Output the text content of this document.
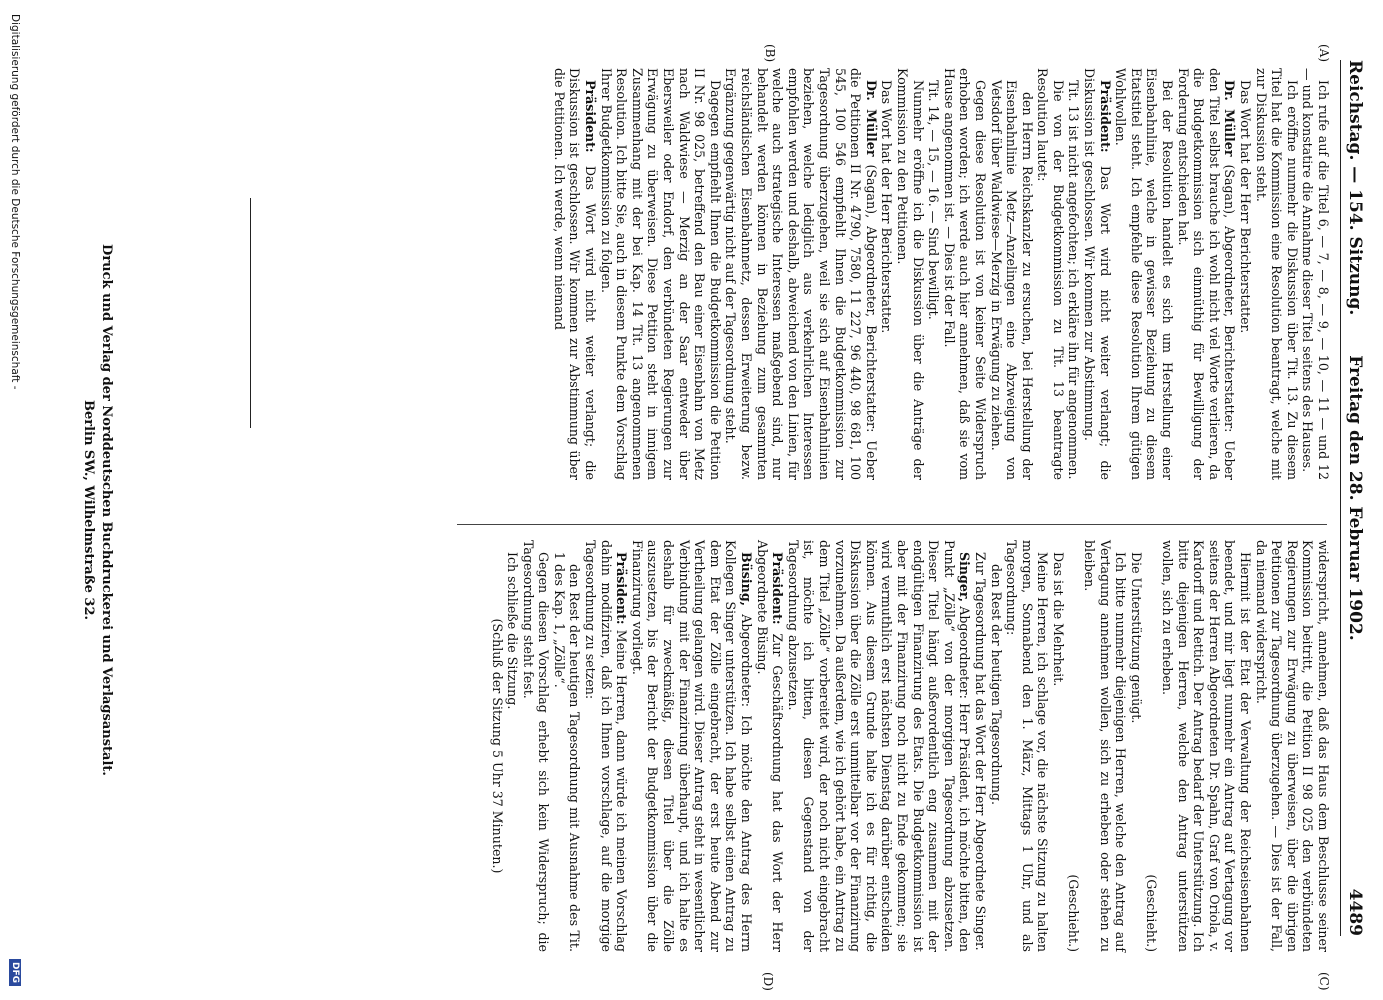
Reichstag. — 154. Sitzung.
Freitag den 28. Februar 1902.
4489
(A)
(B)
(C)
(D)

Ich rufe auf die Titel 6, — 7, — 8, — 9, — 10, — 11 — und 12 — und konstatire die Annahme dieser Titel seitens des Hauses.

Ich eröffne nunmehr die Diskussion über Tit. 13. Zu diesem Titel hat die Kommission eine Resolution beantragt, welche mit zur Diskussion steht.

Das Wort hat der Herr Berichterstatter.

Dr. Müller (Sagan), Abgeordneter, Berichterstatter: Ueber den Titel selbst brauche ich wohl nicht viel Worte verlieren, da die Budgetkommission sich einmüthig für Bewilligung der Forderung entschieden hat.

Bei der Resolution handelt es sich um Herstellung einer Eisenbahnlinie, welche in gewisser Beziehung zu diesem Etatstitel steht. Ich empfehle diese Resolution Ihrem gütigen Wohlwollen.

Präsident: Das Wort wird nicht weiter verlangt; die Diskussion ist geschlossen. Wir kommen zur Abstimmung.

Tit. 13 ist nicht angefochten; ich erkläre ihn für angenommen.

Die von der Budgetkommission zu Tit. 13 beantragte Resolution lautet:

den Herrn Reichskanzler zu ersuchen, bei Herstellung der Eisenbahnlinie Metz—Anzelingen eine Abzweigung von Vetsdorf über Waldwiese—Merzig in Erwägung zu ziehen.

Gegen diese Resolution ist von keiner Seite Widerspruch erhoben worden; ich werde auch hier annehmen, daß sie vom Hause angenommen ist. — Dies ist der Fall.

Tit. 14, — 15, — 16. — Sind bewilligt.

Nunmehr eröffne ich die Diskussion über die Anträge der Kommission zu den Petitionen.

Das Wort hat der Herr Berichterstatter.

Dr. Müller (Sagan), Abgeordneter, Berichterstatter: Ueber die Petitionen II Nr. 4790, 7580, 11 227, 96 440, 98 681, 100 545, 100 546 empfiehlt Ihnen die Budgetkommission zur Tagesordnung überzugehen, weil sie sich auf Eisenbahnlinien beziehen, welche lediglich aus verkehrlichen Interessen empfohlen werden und deshalb, abweichend von den Linien, für welche auch strategische Interessen maßgebend sind, nur behandelt werden können in Beziehung zum gesammten reichsländischen Eisenbahnnetz, dessen Erweiterung bezw. Ergänzung gegenwärtig nicht auf der Tagesordnung steht.

Dagegen empfiehlt Ihnen die Budgetkommission die Petition II Nr. 98 025, betreffend den Bau einer Eisenbahn von Metz nach Waldwiese — Merzig an der Saar entweder über Ebersweiler oder Endorf, den verbündeten Regierungen zur Erwägung zu überweisen. Diese Petition steht in innigem Zusammenhang mit der bei Kap. 14 Tit. 13 angenommenen Resolution. Ich bitte Sie, auch in diesem Punkte dem Vorschlag Ihrer Budgetkommission zu folgen.

Präsident: Das Wort wird nicht weiter verlangt; die Diskussion ist geschlossen. Wir kommen zur Abstimmung über die Petitionen. Ich werde, wenn niemand

widerspricht, annehmen, daß das Haus dem Beschlusse seiner Kommission beitritt, die Petition II 98 025 den verbündeten Regierungen zur Erwägung zu überweisen, über die übrigen Petitionen zur Tagesordnung überzugehen. — Dies ist der Fall, da niemand widerspricht.

Hiermit ist der Etat der Verwaltung der Reichseisenbahnen beendet, und mir liegt nunmehr ein Antrag auf Vertagung vor seitens der Herren Abgeordneten Dr. Spahn, Graf von Oriola, v. Kardorff und Rettich. Der Antrag bedarf der Unterstützung. Ich bitte diejenigen Herren, welche den Antrag unterstützen wollen, sich zu erheben.

(Geschieht.)

Die Unterstützung genügt.

Ich bitte nunmehr diejenigen Herren, welche den Antrag auf Vertagung annehmen wollen, sich zu erheben oder stehen zu bleiben.

(Geschieht.)

Das ist die Mehrheit.

Meine Herren, ich schlage vor, die nächste Sitzung zu halten morgen, Sonnabend den 1. März, Mittags 1 Uhr, und als Tagesordnung:

den Rest der heutigen Tagesordnung.

Zur Tagesordnung hat das Wort der Herr Abgeordnete Singer.

Singer, Abgeordneter: Herr Präsident, ich möchte bitten, den Punkt „Zölle“ von der morgigen Tagesordnung abzusetzen. Dieser Titel hängt außerordentlich eng zusammen mit der endgültigen Finanzirung des Etats. Die Budgetkommission ist aber mit der Finanzirung noch nicht zu Ende gekommen; sie wird vermuthlich erst nächsten Dienstag darüber entscheiden können. Aus diesem Grunde halte ich es für richtig, die Diskussion über die Zölle erst unmittelbar vor der Finanzirung vorzunehmen. Da außerdem, wie ich gehört habe, ein Antrag zu dem Titel „Zölle“ vorbereitet wird, der noch nicht eingebracht ist, möchte ich bitten, diesen Gegenstand von der Tagesordnung abzusetzen.

Präsident: Zur Geschäftsordnung hat das Wort der Herr Abgeordnete Büsing.

Büsing, Abgeordneter: Ich möchte den Antrag des Herrn Kollegen Singer unterstützen. Ich habe selbst einen Antrag zu dem Etat der Zölle eingebracht, der erst heute Abend zur Vertheilung gelangen wird. Dieser Antrag steht in wesentlicher Verbindung mit der Finanzirung überhaupt, und ich halte es deshalb für zweckmäßig, diesen Titel über die Zölle auszusetzen, bis der Bericht der Budgetkommission über die Finanzirung vorliegt.

Präsident: Meine Herren, dann würde ich meinen Vorschlag dahin modifiziren, daß ich Ihnen vorschlage, auf die morgige Tagesordnung zu setzen:

den Rest der heutigen Tagesordnung mit Ausnahme des Tit. 1 des Kap. 1, „Zölle“.

Gegen diesen Vorschlag erhebt sich kein Widerspruch; die Tagesordnung steht fest.

Ich schließe die Sitzung.

(Schluß der Sitzung 5 Uhr 37 Minuten.)

Druck und Verlag der Norddeutschen Buchdruckerei und Verlagsanstalt.
Berlin SW., Wilhelmstraße 32.
Digitalisierung gefördert durch die Deutsche Forschungsgemeinschaft -
DFG
